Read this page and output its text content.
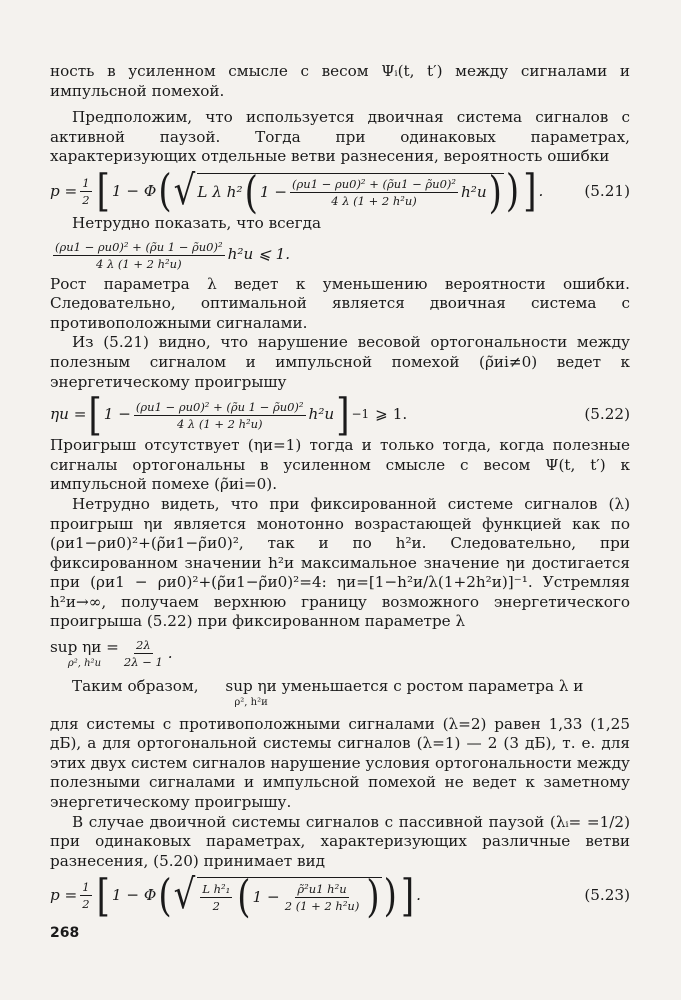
ность в усиленном смысле с весом Ψᵢ(t, t′) между сигналами и импульсной помехой.

Предположим, что используется двоичная система сигналов с активной паузой. Тогда при одинаковых параметрах, характеризующих отдельные ветви разнесения, вероятность ошибки

$p = \frac{1}{2}$ [ 1 − Φ ( √ L λ h² ( $1 - \frac{\text{(ρи1 − ρи0)² + (ρ̃и1 − ρ̃и0)²}}{\text{4 λ (1 + 2 h²и)}} h^2и$ ) ) ] .	(5.21)

Нетрудно показать, что всегда

$\frac{\text{(ρи1 − ρи0)² + (ρ̃и 1 − ρ̃и0)²}}{\text{4 λ (1 + 2 h²и)}} h^2и$ ⩽ 1.

Рост параметра λ ведет к уменьшению вероятности ошибки. Следовательно, оптимальной является двоичная система с противоположными сигналами.

Из (5.21) видно, что нарушение весовой ортогональности между полезным сигналом и импульсной помехой (ρ̃иi≠0) ведет к энергетическому проигрышу

ηи = [ $1 - \frac{\text{(ρи1 − ρи0)² + (ρ̃и 1 − ρ̃и0)²}}{\text{4 λ (1 + 2 h²и)}} h^2и$ ] −1 ⩾ 1.	(5.22)

Проигрыш отсутствует (ηи=1) тогда и только тогда, когда полезные сигналы ортогональны в усиленном смысле с весом Ψ(t, t′) к импульсной помехе (ρ̃иi=0).

Нетрудно видеть, что при фиксированной системе сигналов (λ) проигрыш ηи является монотонно возрастающей функцией как по (ρи1−ρи0)²+(ρ̃и1−ρ̃и0)², так и по h²и. Следовательно, при фиксированном значении h²и максимальное значение ηи достигается при (ρи1 − ρи0)²+(ρ̃и1−ρ̃и0)²=4: ηи=[1−h²и/λ(1+2h²и)]⁻¹. Устремляя h²и→∞, получаем верхнюю границу возможного энергетического проигрыша (5.22) при фиксированном параметре λ

sup ηи =
ρ², $h^2и \frac{2\lambda}{2\lambda - 1}$ .

Таким образом,	sup ηи
ρ², h²и
уменьшается с ростом параметра λ и

для системы с противоположными сигналами (λ=2) равен 1,33 (1,25 дБ), а для ортогональной системы сигналов (λ=1) — 2 (3 дБ), т. е. для этих двух систем сигналов нарушение условия ортогональности между полезными сигналами и импульсной помехой не ведет к заметному энергетическому проигрышу.

В случае двоичной системы сигналов с пассивной паузой (λᵢ= =1/2) при одинаковых параметрах, характеризующих различные ветви разнесения, (5.20) принимает вид

$p = \frac{1}{2}$ [ 1 − Φ ( √ $\frac{\text{L h²₁}}{2}$ ( $1 - \frac{\text{ρ̃²и1 h²и}}{\text{2 (1 + 2 h²и)}}$ ) ) ] .	(5.23)
268
